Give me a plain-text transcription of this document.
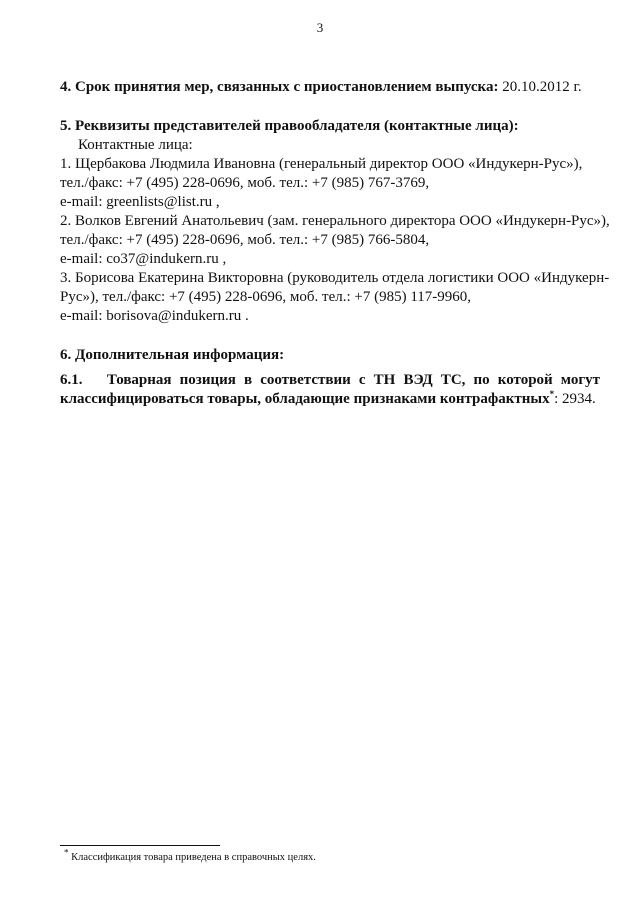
3

4. Срок принятия мер, связанных с приостановлением выпуска: 20.10.2012 г.

5. Реквизиты представителей правообладателя (контактные лица):
Контактные лица:
1. Щербакова Людмила Ивановна (генеральный директор ООО «Индукерн-Рус»),
тел./факс: +7 (495) 228-0696, моб. тел.: +7 (985) 767-3769,
e-mail: greenlists@list.ru ,
2. Волков Евгений Анатольевич (зам. генерального директора ООО «Индукерн-Рус»),
тел./факс: +7 (495) 228-0696, моб. тел.: +7 (985) 766-5804,
e-mail: co37@indukern.ru ,
3. Борисова Екатерина Викторовна (руководитель отдела логистики ООО «Индукерн-
Рус»), тел./факс: +7 (495) 228-0696, моб. тел.: +7 (985) 117-9960,
e-mail: borisova@indukern.ru .
6. Дополнительная информация:
6.1. Товарная позиция в соответствии с ТН ВЭД ТС, по которой могут
классифицироваться товары, обладающие признаками контрафактных*: 2934.
* Классификация товара приведена в справочных целях.
